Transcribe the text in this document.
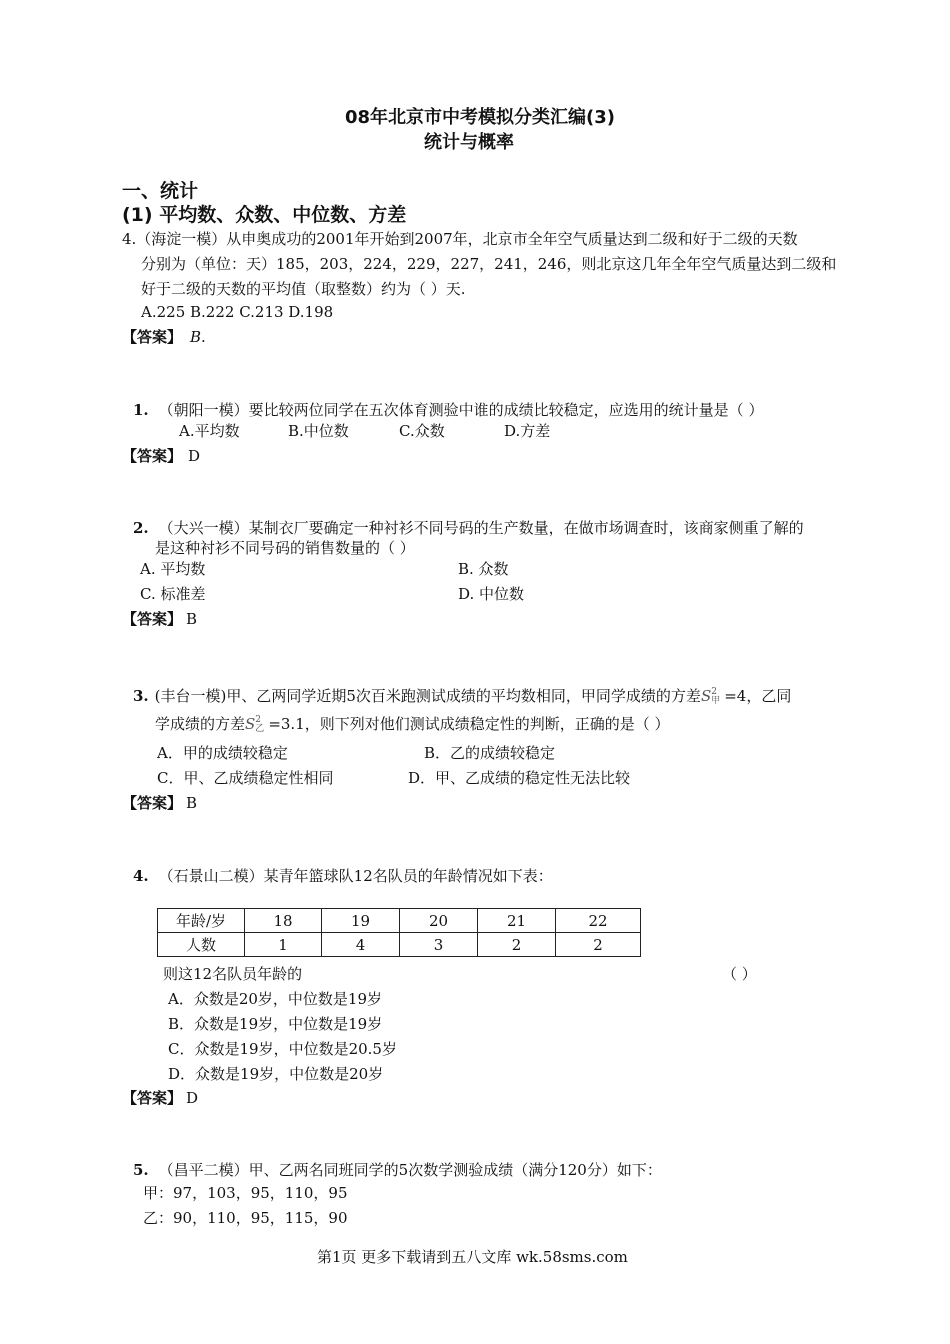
08年北京市中考模拟分类汇编(3)
统计与概率
一、统计
(1) 平均数、众数、中位数、方差
4.（海淀一模）从申奥成功的2001年开始到2007年，北京市全年空气质量达到二级和好于二级的天数
分别为（单位：天）185，203，224，229，227，241，246，则北京这几年全年空气质量达到二级和
好于二级的天数的平均值（取整数）约为（ ）天.
A.225 B.222 C.213 D.198
【答案】 B.
1. （朝阳一模）要比较两位同学在五次体育测验中谁的成绩比较稳定，应选用的统计量是（ ）
A.平均数	B.中位数	C.众数	D.方差
【答案】 D
2. （大兴一模）某制衣厂要确定一种衬衫不同号码的生产数量，在做市场调查时，该商家侧重了解的
是这种衬衫不同号码的销售数量的（ ）
A. 平均数	B. 众数
C. 标准差	D. 中位数
【答案】 B
3. (丰台一模)甲、乙两同学近期5次百米跑测试成绩的平均数相同，甲同学成绩的方差S 2
甲 =4，乙同
学成绩的方差S 2
乙 =3.1，则下列对他们测试成绩稳定性的判断，正确的是（ ）
A．甲的成绩较稳定	B．乙的成绩较稳定
C．甲、乙成绩稳定性相同	D．甲、乙成绩的稳定性无法比较
【答案】 B
4. （石景山二模）某青年篮球队12名队员的年龄情况如下表：
年龄/岁	18	19	20	21	22
人数	1	4	3	2	2
则这12名队员年龄的	（ ）
A．众数是20岁，中位数是19岁
B．众数是19岁，中位数是19岁
C．众数是19岁，中位数是20.5岁
D．众数是19岁，中位数是20岁
【答案】 D
5. （昌平二模）甲、乙两名同班同学的5次数学测验成绩（满分120分）如下：
甲：97，103，95，110，95
乙：90，110，95，115，90
第1页 更多下载请到五八文库 wk.58sms.com
